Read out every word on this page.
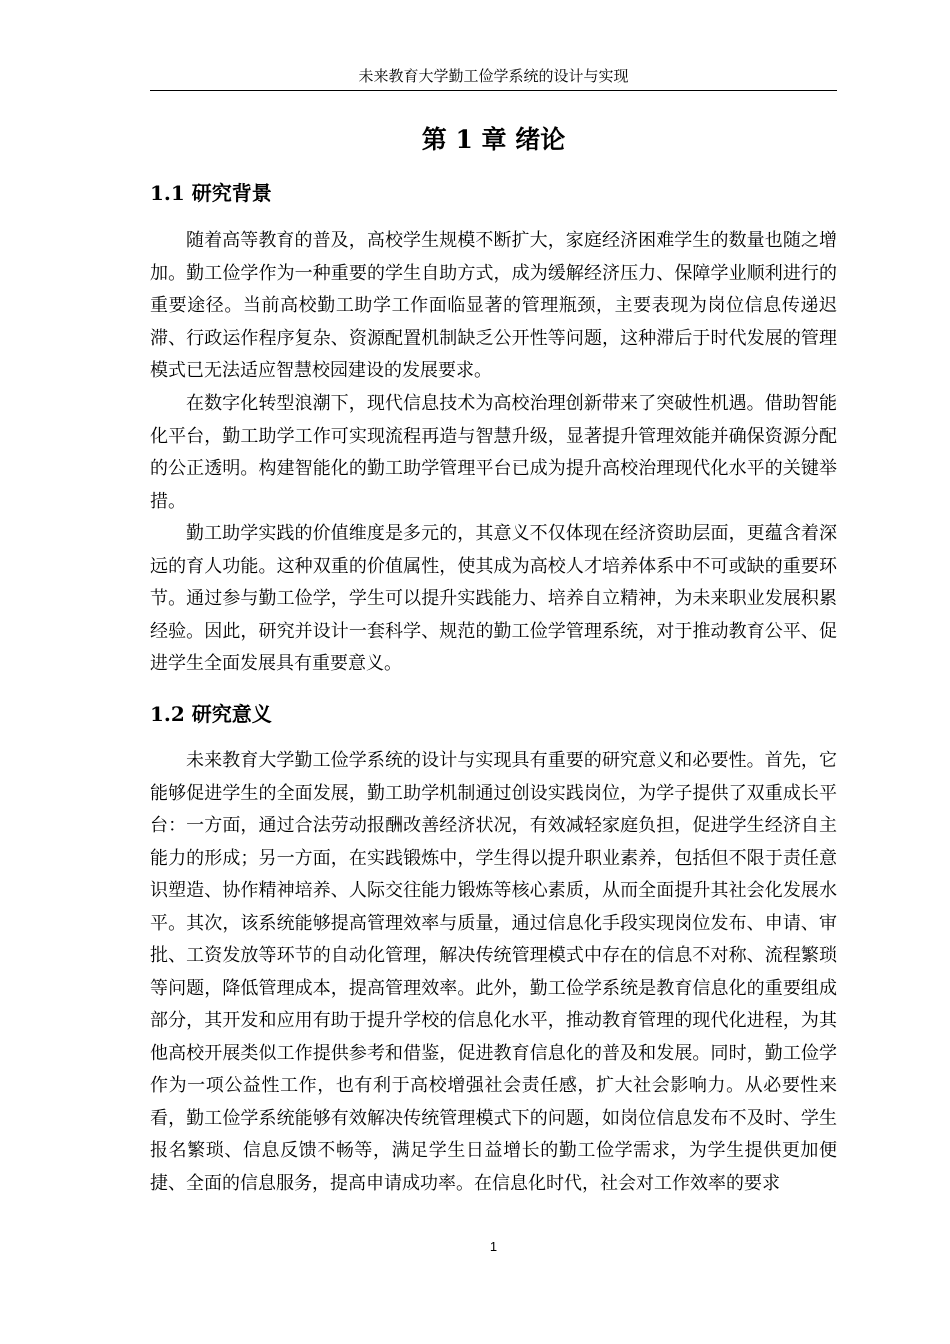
未来教育大学勤工俭学系统的设计与实现
第 1 章 绪论
1.1 研究背景

随着高等教育的普及，高校学生规模不断扩大，家庭经济困难学生的数量也随之增加。勤工俭学作为一种重要的学生自助方式，成为缓解经济压力、保障学业顺利进行的重要途径。当前高校勤工助学工作面临显著的管理瓶颈，主要表现为岗位信息传递迟滞、行政运作程序复杂、资源配置机制缺乏公开性等问题，这种滞后于时代发展的管理模式已无法适应智慧校园建设的发展要求。

在数字化转型浪潮下，现代信息技术为高校治理创新带来了突破性机遇。借助智能化平台，勤工助学工作可实现流程再造与智慧升级，显著提升管理效能并确保资源分配的公正透明。构建智能化的勤工助学管理平台已成为提升高校治理现代化水平的关键举措。

勤工助学实践的价值维度是多元的，其意义不仅体现在经济资助层面，更蕴含着深远的育人功能。这种双重的价值属性，使其成为高校人才培养体系中不可或缺的重要环节。通过参与勤工俭学，学生可以提升实践能力、培养自立精神，为未来职业发展积累经验。因此，研究并设计一套科学、规范的勤工俭学管理系统，对于推动教育公平、促进学生全面发展具有重要意义。

1.2 研究意义

未来教育大学勤工俭学系统的设计与实现具有重要的研究意义和必要性。首先，它能够促进学生的全面发展，勤工助学机制通过创设实践岗位，为学子提供了双重成长平台：一方面，通过合法劳动报酬改善经济状况，有效减轻家庭负担，促进学生经济自主能力的形成；另一方面，在实践锻炼中，学生得以提升职业素养，包括但不限于责任意识塑造、协作精神培养、人际交往能力锻炼等核心素质，从而全面提升其社会化发展水平。其次，该系统能够提高管理效率与质量，通过信息化手段实现岗位发布、申请、审批、工资发放等环节的自动化管理，解决传统管理模式中存在的信息不对称、流程繁琐等问题，降低管理成本，提高管理效率。此外，勤工俭学系统是教育信息化的重要组成部分，其开发和应用有助于提升学校的信息化水平，推动教育管理的现代化进程，为其他高校开展类似工作提供参考和借鉴，促进教育信息化的普及和发展。同时，勤工俭学作为一项公益性工作，也有利于高校增强社会责任感，扩大社会影响力。从必要性来看，勤工俭学系统能够有效解决传统管理模式下的问题，如岗位信息发布不及时、学生报名繁琐、信息反馈不畅等，满足学生日益增长的勤工俭学需求，为学生提供更加便捷、全面的信息服务，提高申请成功率。在信息化时代，社会对工作效率的要求

1
